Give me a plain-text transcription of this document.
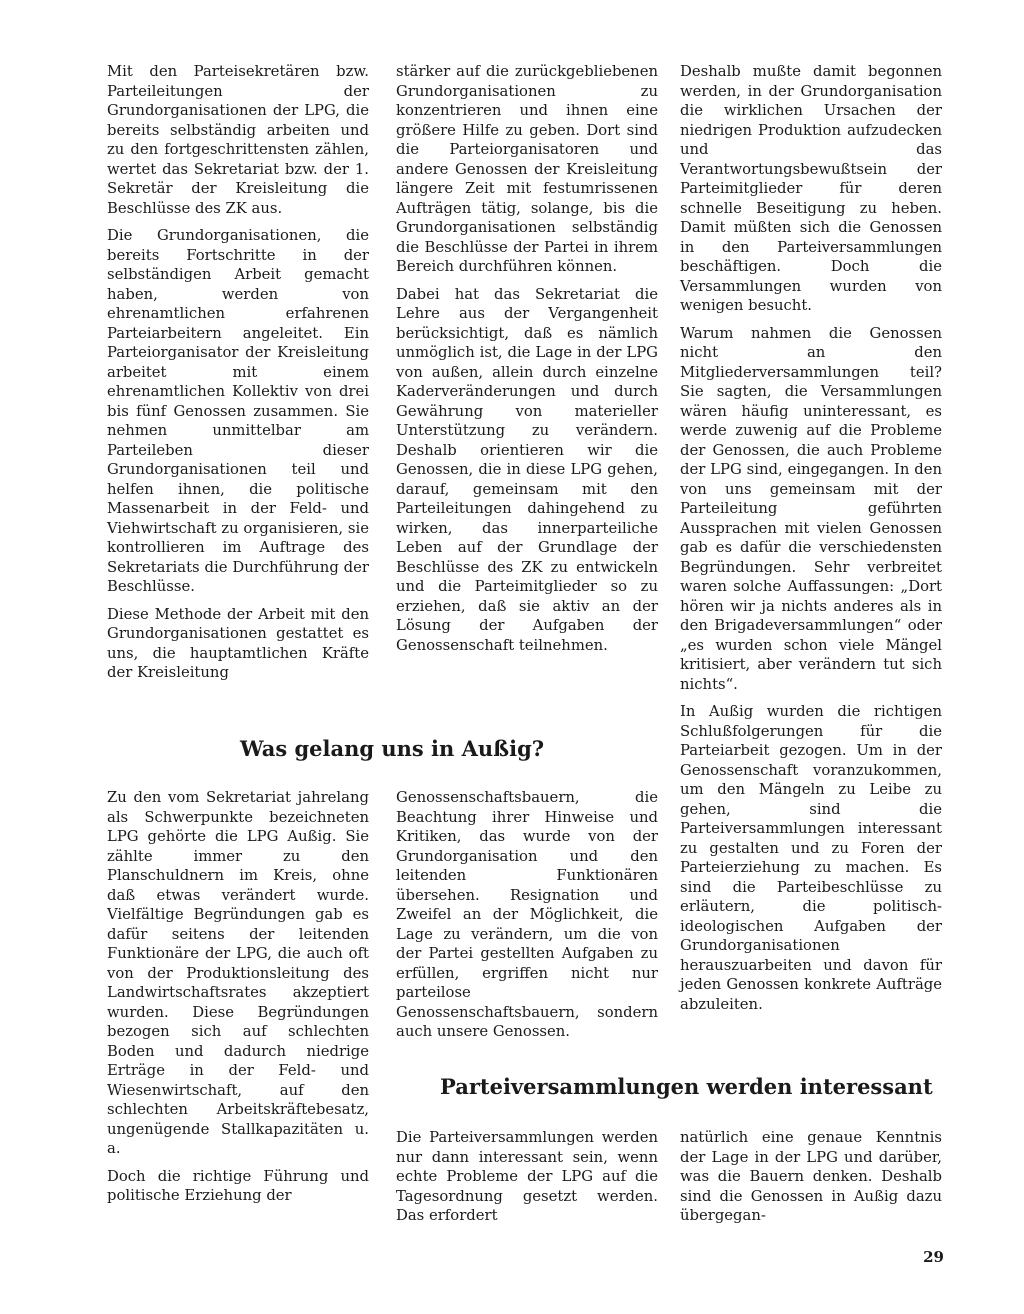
Mit den Parteisekretären bzw. Parteileitungen der Grundorganisationen der LPG, die bereits selbständig arbeiten und zu den fortgeschrittensten zählen, wertet das Sekretariat bzw. der 1. Sekretär der Kreisleitung die Beschlüsse des ZK aus.

Die Grundorganisationen, die bereits Fortschritte in der selbständigen Arbeit gemacht haben, werden von ehrenamtlichen erfahrenen Parteiarbeitern angeleitet. Ein Parteiorganisator der Kreisleitung arbeitet mit einem ehrenamtlichen Kollektiv von drei bis fünf Genossen zusammen. Sie nehmen unmittelbar am Parteileben dieser Grundorganisationen teil und helfen ihnen, die politische Massenarbeit in der Feld- und Viehwirtschaft zu organisieren, sie kontrollieren im Auftrage des Sekretariats die Durchführung der Beschlüsse.

Diese Methode der Arbeit mit den Grundorganisationen gestattet es uns, die hauptamtlichen Kräfte der Kreisleitung

stärker auf die zurückgebliebenen Grundorganisationen zu konzentrieren und ihnen eine größere Hilfe zu geben. Dort sind die Parteiorganisatoren und andere Genossen der Kreisleitung längere Zeit mit festumrissenen Aufträgen tätig, solange, bis die Grundorganisationen selbständig die Beschlüsse der Partei in ihrem Bereich durchführen können.

Dabei hat das Sekretariat die Lehre aus der Vergangenheit berücksichtigt, daß es nämlich unmöglich ist, die Lage in der LPG von außen, allein durch einzelne Kaderveränderungen und durch Gewährung von materieller Unterstützung zu verändern. Deshalb orientieren wir die Genossen, die in diese LPG gehen, darauf, gemeinsam mit den Parteileitungen dahingehend zu wirken, das innerparteiliche Leben auf der Grundlage der Beschlüsse des ZK zu entwickeln und die Parteimitglieder so zu erziehen, daß sie aktiv an der Lösung der Aufgaben der Genossenschaft teilnehmen.

Deshalb mußte damit begonnen werden, in der Grundorganisation die wirklichen Ursachen der niedrigen Produktion aufzudecken und das Verantwortungsbewußtsein der Parteimitglieder für deren schnelle Beseitigung zu heben. Damit müßten sich die Genossen in den Parteiversammlungen beschäftigen. Doch die Versammlungen wurden von wenigen besucht.

Warum nahmen die Genossen nicht an den Mitgliederversammlungen teil? Sie sagten, die Versammlungen wären häufig uninteressant, es werde zuwenig auf die Probleme der Genossen, die auch Probleme der LPG sind, eingegangen. In den von uns gemeinsam mit der Parteileitung geführten Aussprachen mit vielen Genossen gab es dafür die verschiedensten Begründungen. Sehr verbreitet waren solche Auffassungen: „Dort hören wir ja nichts anderes als in den Brigadeversammlungen“ oder „es wurden schon viele Mängel kritisiert, aber verändern tut sich nichts“.

In Außig wurden die richtigen Schlußfolgerungen für die Parteiarbeit gezogen. Um in der Genossenschaft voranzukommen, um den Mängeln zu Leibe zu gehen, sind die Parteiversammlungen interessant zu gestalten und zu Foren der Parteierziehung zu machen. Es sind die Parteibeschlüsse zu erläutern, die politisch-ideologischen Aufgaben der Grundorganisationen herauszuarbeiten und davon für jeden Genossen konkrete Aufträge abzuleiten.

Was gelang uns in Außig?

Zu den vom Sekretariat jahrelang als Schwerpunkte bezeichneten LPG gehörte die LPG Außig. Sie zählte immer zu den Planschuldnern im Kreis, ohne daß etwas verändert wurde. Vielfältige Begründungen gab es dafür seitens der leitenden Funktionäre der LPG, die auch oft von der Produktionsleitung des Landwirtschaftsrates akzeptiert wurden. Diese Begründungen bezogen sich auf schlechten Boden und dadurch niedrige Erträge in der Feld- und Wiesenwirtschaft, auf den schlechten Arbeitskräftebesatz, ungenügende Stallkapazitäten u. a.

Doch die richtige Führung und politische Erziehung der

Genossenschaftsbauern, die Beachtung ihrer Hinweise und Kritiken, das wurde von der Grundorganisation und den leitenden Funktionären übersehen. Resignation und Zweifel an der Möglichkeit, die Lage zu verändern, um die von der Partei gestellten Aufgaben zu erfüllen, ergriffen nicht nur parteilose Genossenschaftsbauern, sondern auch unsere Genossen.

Parteiversammlungen werden interessant

Die Parteiversammlungen werden nur dann interessant sein, wenn echte Probleme der LPG auf die Tagesordnung gesetzt werden. Das erfordert

natürlich eine genaue Kenntnis der Lage in der LPG und darüber, was die Bauern denken. Deshalb sind die Genossen in Außig dazu übergegan-

29
